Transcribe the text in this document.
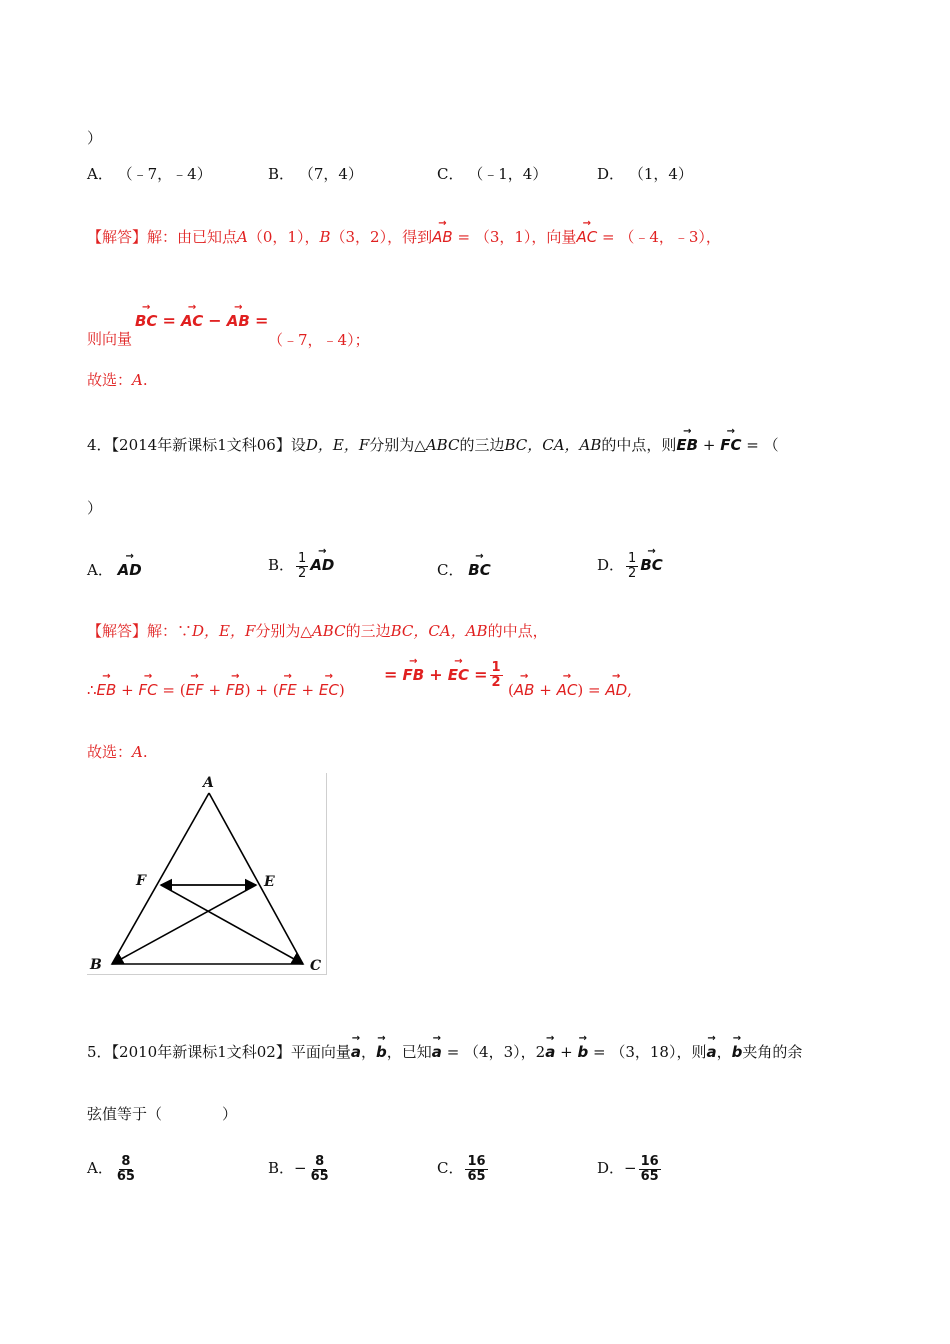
）
A． （﹣7，﹣4）	B． （7，4）	C． （﹣1，4）	D． （1，4）
【解答】解：由已知点A（0，1），B（3，2），得到→ AB = （3，1），向量→ AC = （﹣4，﹣3），
则向量
→ BC = → AC − → AB =
（﹣7，﹣4）；
故选：A.
4．【2014年新课标1文科06】设D，E，F分别为△ABC的三边BC，CA，AB的中点，则→ EB + → FC = （
）
A． → AD	B． $\frac{1}{2}$ → AD	C． → BC	D． $\frac{1}{2}$ → BC
【解答】解：∵D，E，F分别为△ABC的三边BC，CA，AB的中点，
∴→ EB + → FC = (→ EF + → FB) + (→ FE + → EC)
= → FB + → EC = $\frac{1}{2}$
(→ AB + → AC) = → AD,
故选：A.
A
F	E
B	C
5．【2010年新课标1文科02】平面向量→ a，→ b，已知→ a = （4，3），2→ a + → b = （3，18），则→ a，→ b夹角的余
弦值等于（　　　　）
A． $\frac{8}{65}$	B．− $\frac{8}{65}$	C． $\frac{16}{65}$	D．− $\frac{16}{65}$
